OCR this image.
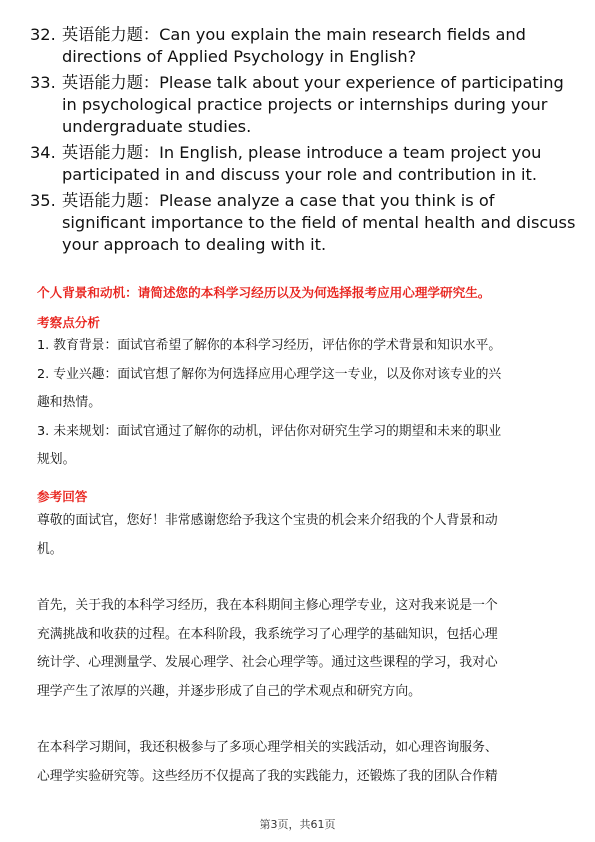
32. 英语能力题：Can you explain the main research fields and
directions of Applied Psychology in English?
33. 英语能力题：Please talk about your experience of participating
in psychological practice projects or internships during your
undergraduate studies.
34. 英语能力题：In English, please introduce a team project you
participated in and discuss your role and contribution in it.
35. 英语能力题：Please analyze a case that you think is of
significant importance to the field of mental health and discuss
your approach to dealing with it.
个人背景和动机：请简述您的本科学习经历以及为何选择报考应用心理学研究生。
考察点分析
1. 教育背景：面试官希望了解你的本科学习经历，评估你的学术背景和知识水平。
2. 专业兴趣：面试官想了解你为何选择应用心理学这一专业，以及你对该专业的兴
趣和热情。
3. 未来规划：面试官通过了解你的动机，评估你对研究生学习的期望和未来的职业
规划。
参考回答
尊敬的面试官，您好！非常感谢您给予我这个宝贵的机会来介绍我的个人背景和动
机。
首先，关于我的本科学习经历，我在本科期间主修心理学专业，这对我来说是一个
充满挑战和收获的过程。在本科阶段，我系统学习了心理学的基础知识，包括心理
统计学、心理测量学、发展心理学、社会心理学等。通过这些课程的学习，我对心
理学产生了浓厚的兴趣，并逐步形成了自己的学术观点和研究方向。
在本科学习期间，我还积极参与了多项心理学相关的实践活动，如心理咨询服务、
心理学实验研究等。这些经历不仅提高了我的实践能力，还锻炼了我的团队合作精
第3页，共61页
